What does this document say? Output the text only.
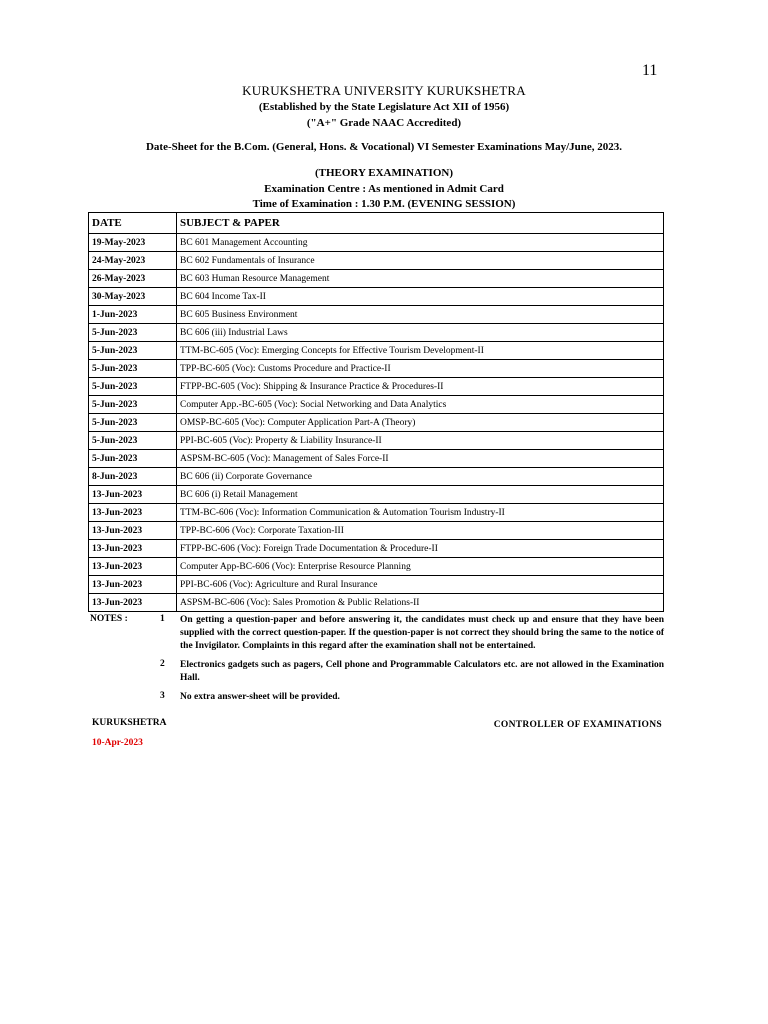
11
KURUKSHETRA UNIVERSITY KURUKSHETRA
(Established by the State Legislature Act XII of 1956)
("A+" Grade NAAC Accredited)
Date-Sheet for the B.Com. (General, Hons. & Vocational) VI Semester Examinations May/June, 2023.
(THEORY EXAMINATION)
Examination Centre : As mentioned in Admit Card
Time of Examination : 1.30 P.M. (EVENING SESSION)
DATE	SUBJECT & PAPER
19-May-2023	BC 601 Management Accounting
24-May-2023	BC 602 Fundamentals of Insurance
26-May-2023	BC 603 Human Resource Management
30-May-2023	BC 604 Income Tax-II
1-Jun-2023	BC 605 Business Environment
5-Jun-2023	BC 606 (iii) Industrial Laws
5-Jun-2023	TTM-BC-605 (Voc): Emerging Concepts for Effective Tourism Development-II
5-Jun-2023	TPP-BC-605 (Voc): Customs Procedure and Practice-II
5-Jun-2023	FTPP-BC-605 (Voc): Shipping & Insurance Practice & Procedures-II
5-Jun-2023	Computer App.-BC-605 (Voc): Social Networking and Data Analytics
5-Jun-2023	OMSP-BC-605 (Voc): Computer Application Part-A (Theory)
5-Jun-2023	PPI-BC-605 (Voc): Property & Liability Insurance-II
5-Jun-2023	ASPSM-BC-605 (Voc): Management of Sales Force-II
8-Jun-2023	BC 606 (ii) Corporate Governance
13-Jun-2023	BC 606 (i) Retail Management
13-Jun-2023	TTM-BC-606 (Voc): Information Communication & Automation Tourism Industry-II
13-Jun-2023	TPP-BC-606 (Voc): Corporate Taxation-III
13-Jun-2023	FTPP-BC-606 (Voc): Foreign Trade Documentation & Procedure-II
13-Jun-2023	Computer App-BC-606 (Voc): Enterprise Resource Planning
13-Jun-2023	PPI-BC-606 (Voc): Agriculture and Rural Insurance
13-Jun-2023	ASPSM-BC-606 (Voc): Sales Promotion & Public Relations-II
NOTES :	1	On getting a question-paper and before answering it, the candidates must check up and ensure that they have been supplied with the correct question-paper. If the question-paper is not correct they should bring the same to the notice of the Invigilator. Complaints in this regard after the examination shall not be entertained.
2	Electronics gadgets such as pagers, Cell phone and Programmable Calculators etc. are not allowed in the Examination Hall.
3	No extra answer-sheet will be provided.
KURUKSHETRA
10-Apr-2023
CONTROLLER OF EXAMINATIONS
